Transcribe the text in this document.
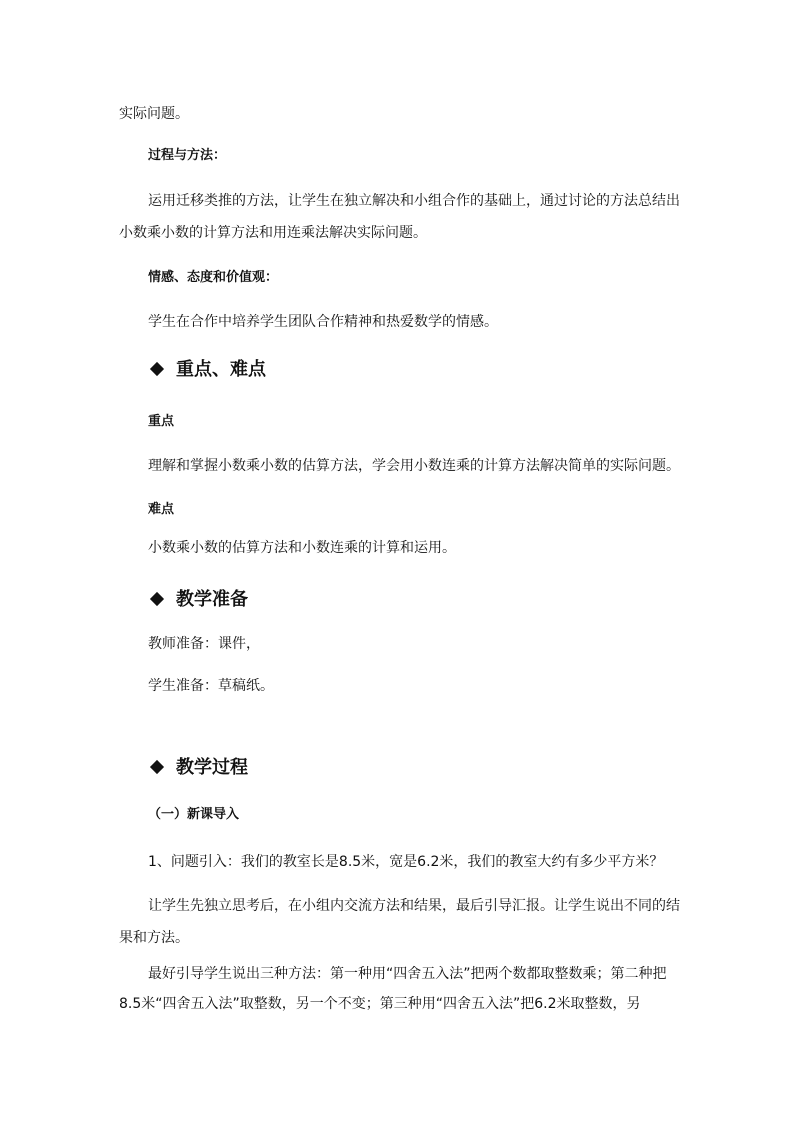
实际问题。
过程与方法：
运用迁移类推的方法，让学生在独立解决和小组合作的基础上，通过讨论的方法总结出
小数乘小数的计算方法和用连乘法解决实际问题。
情感、态度和价值观：
学生在合作中培养学生团队合作精神和热爱数学的情感。
重点、难点
重点
理解和掌握小数乘小数的估算方法，学会用小数连乘的计算方法解决简单的实际问题。
难点
小数乘小数的估算方法和小数连乘的计算和运用。
教学准备
教师准备：课件，
学生准备：草稿纸。
教学过程
（一）新课导入
1、问题引入：我们的教室长是8.5米，宽是6.2米，我们的教室大约有多少平方米？
让学生先独立思考后，在小组内交流方法和结果，最后引导汇报。让学生说出不同的结
果和方法。
最好引导学生说出三种方法：第一种用“四舍五入法”把两个数都取整数乘；第二种把
8.5米“四舍五入法”取整数，另一个不变；第三种用“四舍五入法”把6.2米取整数，另
